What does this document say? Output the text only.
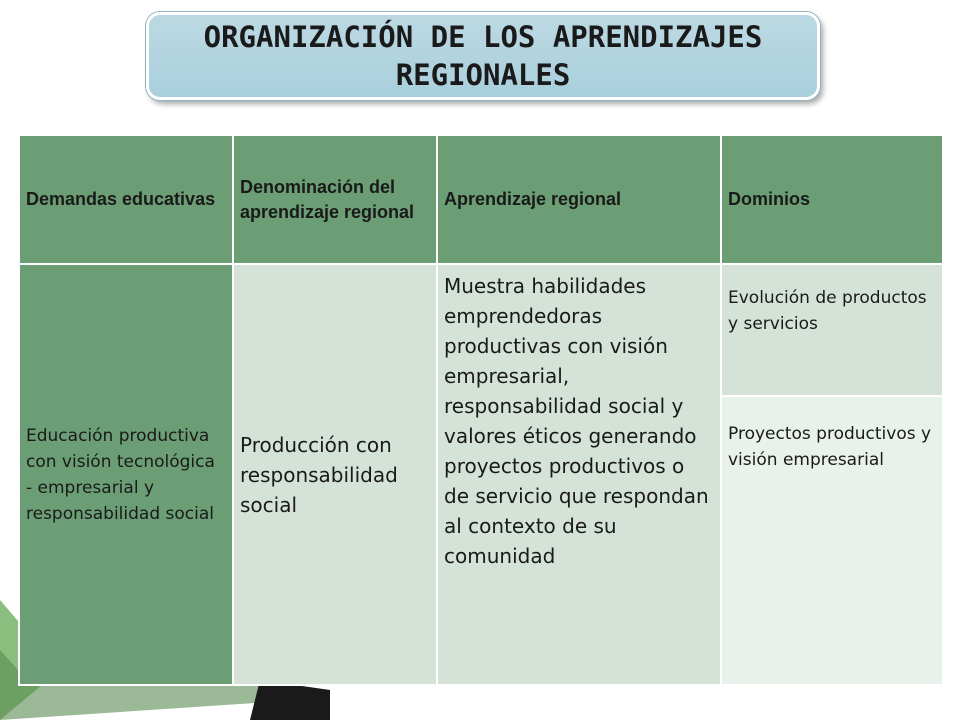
ORGANIZACIÓN DE LOS APRENDIZAJES REGIONALES
Demandas educativas	Denominación del aprendizaje regional	Aprendizaje regional	Dominios
Educación productiva con visión tecnológica - empresarial y responsabilidad social	Producción con responsabilidad social	Muestra habilidades emprendedoras productivas con visión empresarial, responsabilidad social y valores éticos generando proyectos productivos o de servicio que respondan al contexto de su comunidad	Evolución de productos y servicios
			Proyectos productivos y visión empresarial
